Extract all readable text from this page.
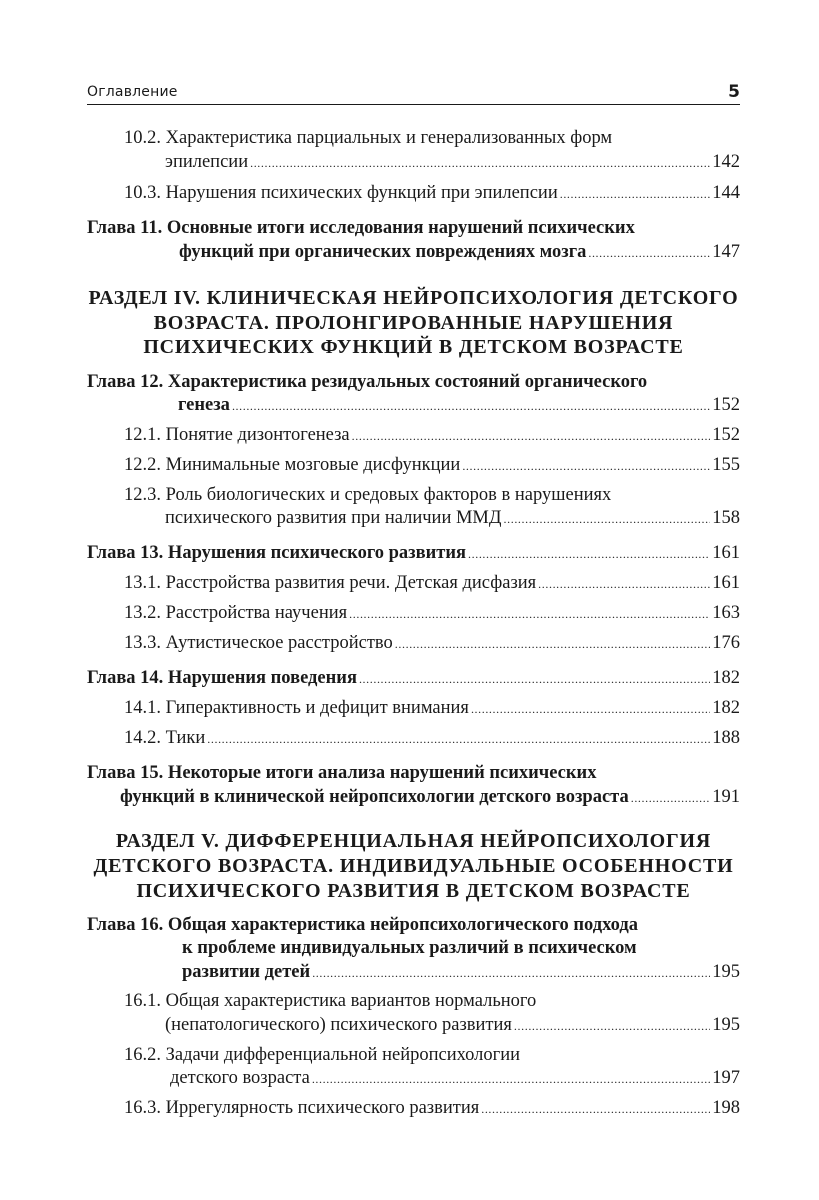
Оглавление	5
10.2. Характеристика парциальных и генерализованных форм
эпилепсии .....	142
10.3. Нарушения психических функций при эпилепсии .....	144
Глава 11. Основные итоги исследования нарушений психических
функций при органических повреждениях мозга .....	147
РАЗДЕЛ IV. КЛИНИЧЕСКАЯ НЕЙРОПСИХОЛОГИЯ ДЕТСКОГО
ВОЗРАСТА. ПРОЛОНГИРОВАННЫЕ НАРУШЕНИЯ
ПСИХИЧЕСКИХ ФУНКЦИЙ В ДЕТСКОМ ВОЗРАСТЕ
Глава 12. Характеристика резидуальных состояний органического
генеза .....	152
12.1. Понятие дизонтогенеза .....	152
12.2. Минимальные мозговые дисфункции .....	155
12.3. Роль биологических и средовых факторов в нарушениях
психического развития при наличии ММД .....	158
Глава 13. Нарушения психического развития .....	161
13.1. Расстройства развития речи. Детская дисфазия .....	161
13.2. Расстройства научения .....	163
13.3. Аутистическое расстройство .....	176
Глава 14. Нарушения поведения .....	182
14.1. Гиперактивность и дефицит внимания .....	182
14.2. Тики .....	188
Глава 15. Некоторые итоги анализа нарушений психических
функций в клинической нейропсихологии детского возраста .....	191
РАЗДЕЛ V. ДИФФЕРЕНЦИАЛЬНАЯ НЕЙРОПСИХОЛОГИЯ
ДЕТСКОГО ВОЗРАСТА. ИНДИВИДУАЛЬНЫЕ ОСОБЕННОСТИ
ПСИХИЧЕСКОГО РАЗВИТИЯ В ДЕТСКОМ ВОЗРАСТЕ
Глава 16. Общая характеристика нейропсихологического подхода
к проблеме индивидуальных различий в психическом
развитии детей .....	195
16.1. Общая характеристика вариантов нормального
(непатологического) психического развития .....	195
16.2. Задачи дифференциальной нейропсихологии
детского возраста .....	197
16.3. Иррегулярность психического развития .....	198
